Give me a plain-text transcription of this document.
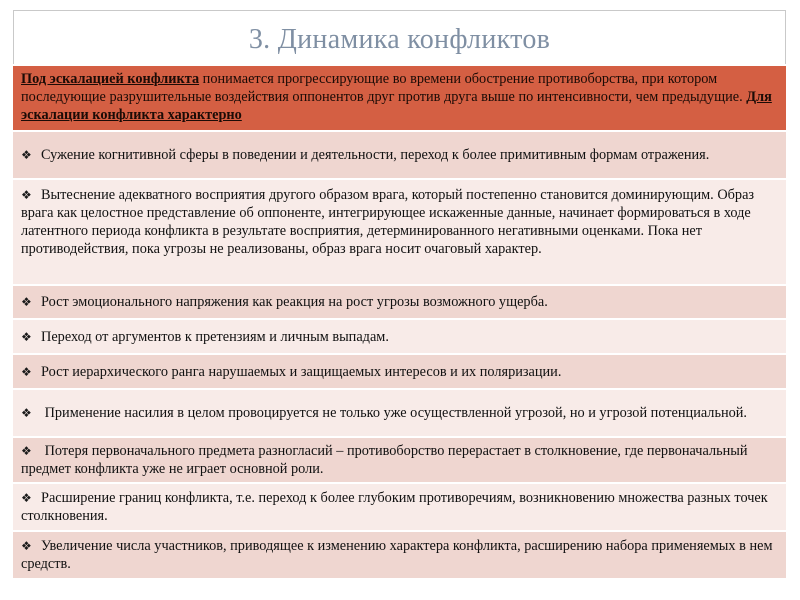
3. Динамика конфликтов
Под эскалацией конфликта понимается прогрессирующие во времени обострение противоборства, при котором последующие разрушительные воздействия оппонентов друг против друга выше по интенсивности, чем предыдущие. Для эскалации конфликта характерно
❖ Сужение когнитивной сферы в поведении и деятельности, переход к более примитивным формам отражения.
❖ Вытеснение адекватного восприятия другого образом врага, который постепенно становится доминирующим. Образ врага как целостное представление об оппоненте, интегрирующее искаженные данные, начинает формироваться в ходе латентного периода конфликта в результате восприятия, детерминированного негативными оценками. Пока нет противодействия, пока угрозы не реализованы, образ врага носит очаговый характер.
❖ Рост эмоционального напряжения как реакция на рост угрозы возможного ущерба.
❖ Переход от аргументов к претензиям и личным выпадам.
❖ Рост иерархического ранга нарушаемых и защищаемых интересов и их поляризации.
❖ Применение насилия в целом провоцируется не только уже осуществленной угрозой, но и угрозой потенциальной.
❖ Потеря первоначального предмета разногласий – противоборство перерастает в столкновение, где первоначальный предмет конфликта уже не играет основной роли.
❖ Расширение границ конфликта, т.е. переход к более глубоким противоречиям, возникновению множества разных точек столкновения.
❖ Увеличение числа участников, приводящее к изменению характера конфликта, расширению набора применяемых в нем средств.
